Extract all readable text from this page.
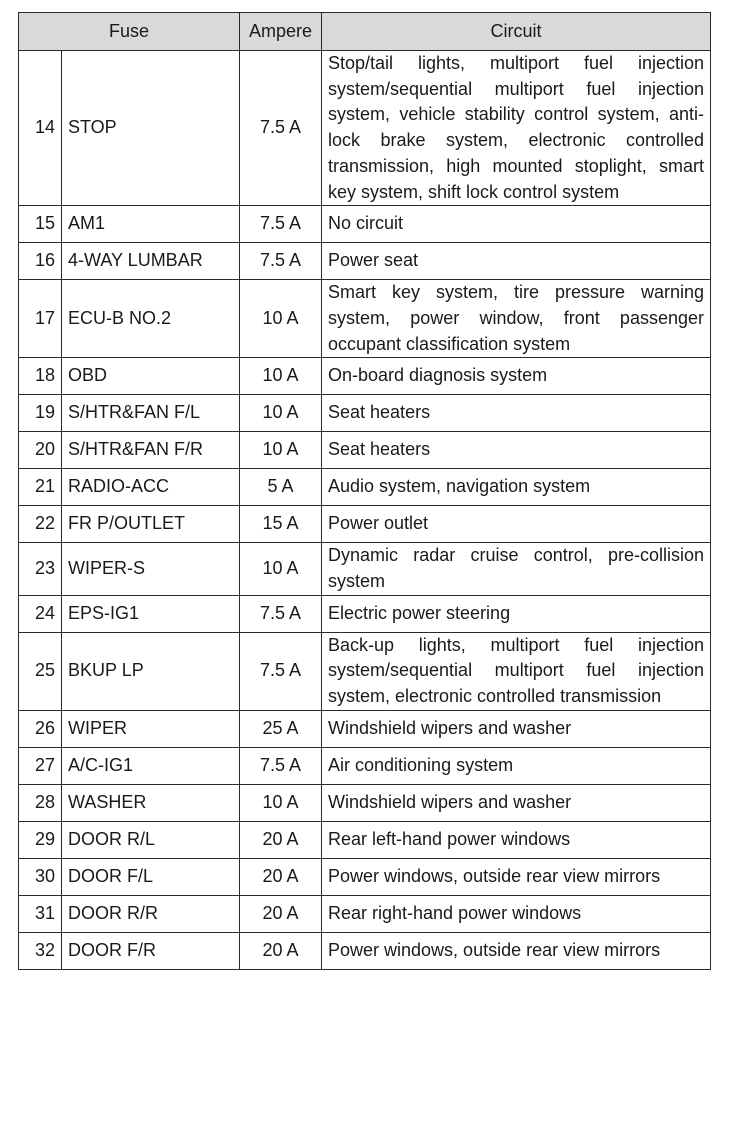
Fuse		Ampere	Circuit
14	STOP	7.5 A	Stop/tail lights, multiport fuel injection system/sequential multiport fuel injection system, vehicle stability control system, anti-lock brake system, electronic controlled transmission, high mounted stoplight, smart key system, shift lock control system
15	AM1	7.5 A	No circuit
16	4-WAY LUMBAR	7.5 A	Power seat
17	ECU-B NO.2	10 A	Smart key system, tire pressure warning system, power window, front passenger occupant classification system
18	OBD	10 A	On-board diagnosis system
19	S/HTR&FAN F/L	10 A	Seat heaters
20	S/HTR&FAN F/R	10 A	Seat heaters
21	RADIO-ACC	5 A	Audio system, navigation system
22	FR P/OUTLET	15 A	Power outlet
23	WIPER-S	10 A	Dynamic radar cruise control, pre-collision system
24	EPS-IG1	7.5 A	Electric power steering
25	BKUP LP	7.5 A	Back-up lights, multiport fuel injection system/sequential multiport fuel injection system, electronic controlled transmission
26	WIPER	25 A	Windshield wipers and washer
27	A/C-IG1	7.5 A	Air conditioning system
28	WASHER	10 A	Windshield wipers and washer
29	DOOR R/L	20 A	Rear left-hand power windows
30	DOOR F/L	20 A	Power windows, outside rear view mirrors
31	DOOR R/R	20 A	Rear right-hand power windows
32	DOOR F/R	20 A	Power windows, outside rear view mirrors
